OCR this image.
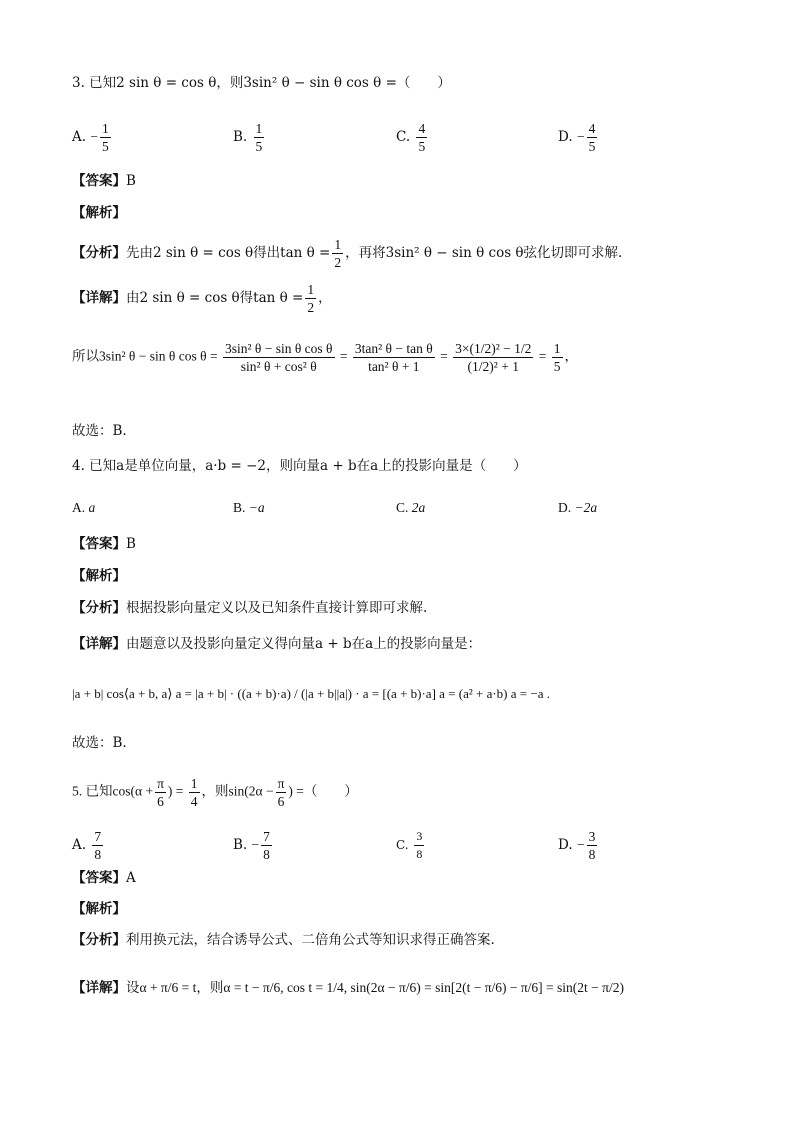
3. 已知2 sin θ = cos θ，则3sin² θ − sin θ cos θ =（　　）
A. − $\frac{1}{5}$	B. $\frac{1}{5}$	C. $\frac{4}{5}$	D. − $\frac{4}{5}$
【答案】B
【解析】
【分析】先由2 sin θ = cos θ得出$\tan \theta = \frac{1}{2}$ ，再将3sin² θ − sin θ cos θ弦化切即可求解.
【详解】由2 sin θ = cos θ得$\tan \theta = \frac{1}{2}$ ，
所以3sin² θ − sin θ $\cos \theta = \frac{\text{3sin² θ − sin θ cos θ}}{\text{sin² θ + cos² θ}} = \frac{\text{3tan² θ − tan θ}}{\text{tan² θ + 1}} = \frac{\text{3×(1/2)² − 1/2}}{\text{(1/2)² + 1}} = \frac{1}{5}$ ，
故选：B.
4. 已知a是单位向量，a·b = −2，则向量a + b在a上的投影向量是（　　）
A. a	B. −a	C. 2a	D. −2a
【答案】B
【解析】
【分析】根据投影向量定义以及已知条件直接计算即可求解.
【详解】由题意以及投影向量定义得向量a + b在a上的投影向量是：
|a + b| cos⟨a + b, a⟩ a = |a + b| · ((a + b)·a) / (|a + b||a|) · a = [(a + b)·a] a = (a² + a·b) a = −a .
故选：B.
5. 已知$\cos(\alpha + \frac{\pi}{6}$ ) = $\frac{1}{4}$ ，则$\sin(2\alpha - \frac{\pi}{6}$ ) =（　　）
A. $\frac{7}{8}$	B. − $\frac{7}{8}$	C. $\frac{3}{8}$	D. − $\frac{3}{8}$
【答案】A
【解析】
【分析】利用换元法，结合诱导公式、二倍角公式等知识求得正确答案.
【详解】设α + π/6 = t，则α = t − π/6, cos t = 1/4, sin(2α − π/6) = sin[2(t − π/6) − π/6] = sin(2t − π/2)
